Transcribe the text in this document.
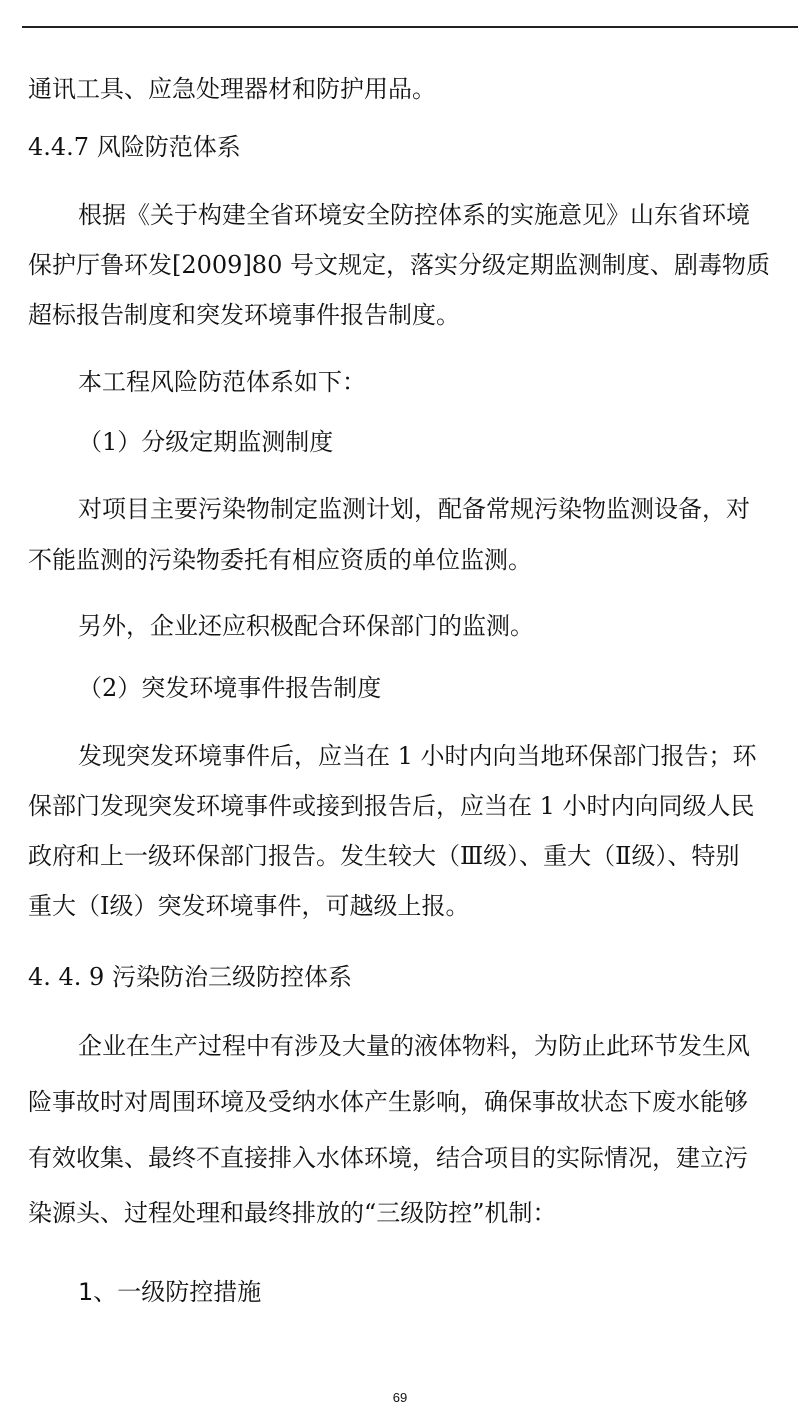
通讯工具、应急处理器材和防护用品。
4.4.7 风险防范体系
根据《关于构建全省环境安全防控体系的实施意见》山东省环境
保护厅鲁环发[2009]80 号文规定，落实分级定期监测制度、剧毒物质
超标报告制度和突发环境事件报告制度。
本工程风险防范体系如下：
（1）分级定期监测制度
对项目主要污染物制定监测计划，配备常规污染物监测设备，对
不能监测的污染物委托有相应资质的单位监测。
另外，企业还应积极配合环保部门的监测。
（2）突发环境事件报告制度
发现突发环境事件后，应当在 1 小时内向当地环保部门报告；环
保部门发现突发环境事件或接到报告后，应当在 1 小时内向同级人民
政府和上一级环保部门报告。发生较大（Ⅲ级）、重大（Ⅱ级）、特别
重大（Ⅰ级）突发环境事件，可越级上报。
4. 4. 9 污染防治三级防控体系
企业在生产过程中有涉及大量的液体物料，为防止此环节发生风
险事故时对周围环境及受纳水体产生影响，确保事故状态下废水能够
有效收集、最终不直接排入水体环境，结合项目的实际情况，建立污
染源头、过程处理和最终排放的“三级防控”机制：
1、一级防控措施
69
